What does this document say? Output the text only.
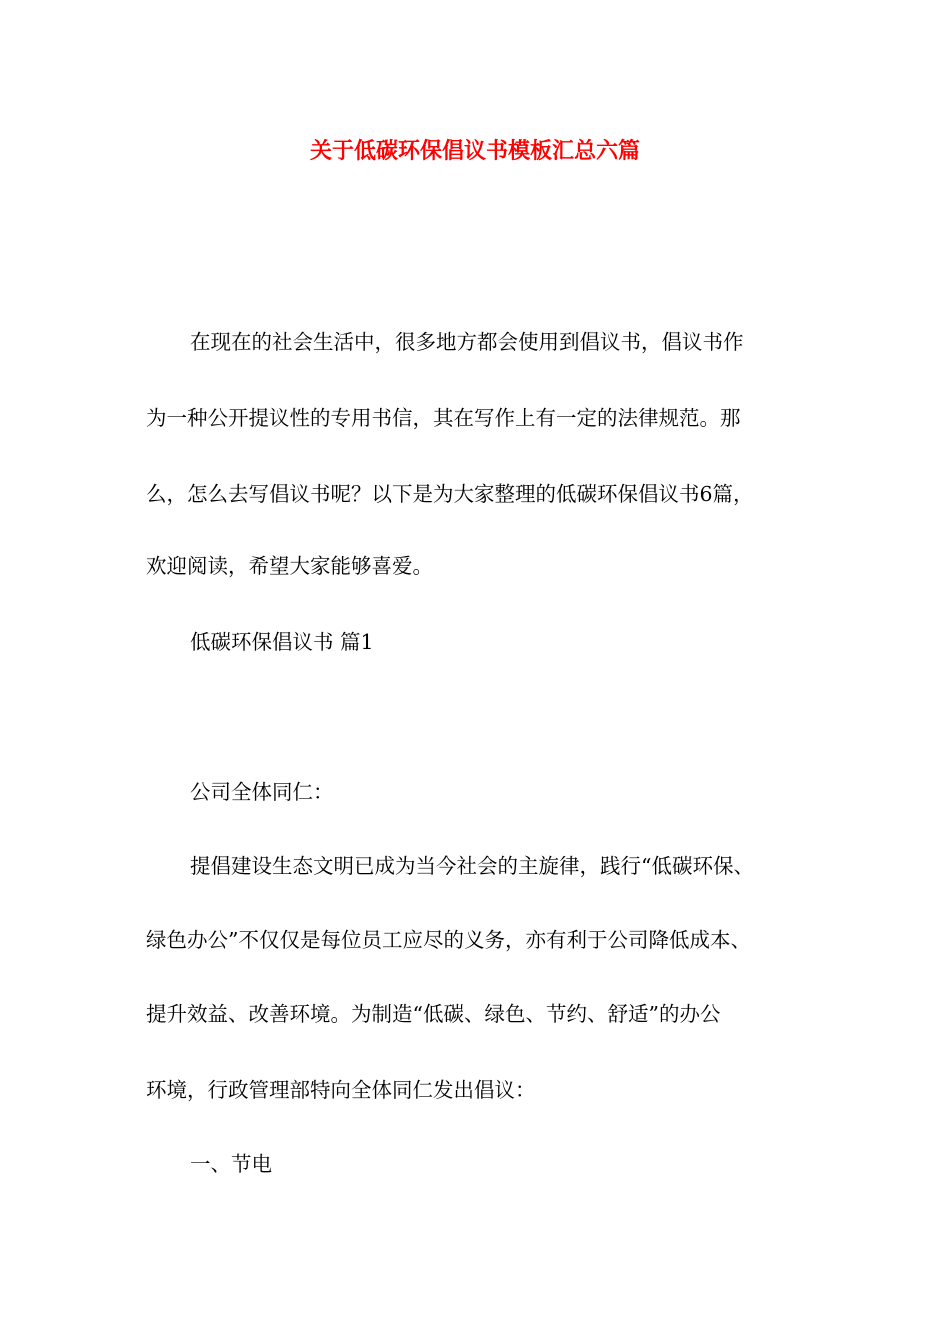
关于低碳环保倡议书模板汇总六篇
在现在的社会生活中，很多地方都会使用到倡议书，倡议书作
为一种公开提议性的专用书信，其在写作上有一定的法律规范。那
么，怎么去写倡议书呢？以下是为大家整理的低碳环保倡议书6篇，
欢迎阅读，希望大家能够喜爱。
低碳环保倡议书 篇1
公司全体同仁：
提倡建设生态文明已成为当今社会的主旋律，践行“低碳环保、
绿色办公”不仅仅是每位员工应尽的义务，亦有利于公司降低成本、
提升效益、改善环境。为制造“低碳、绿色、节约、舒适”的办公
环境，行政管理部特向全体同仁发出倡议：
一、节电
